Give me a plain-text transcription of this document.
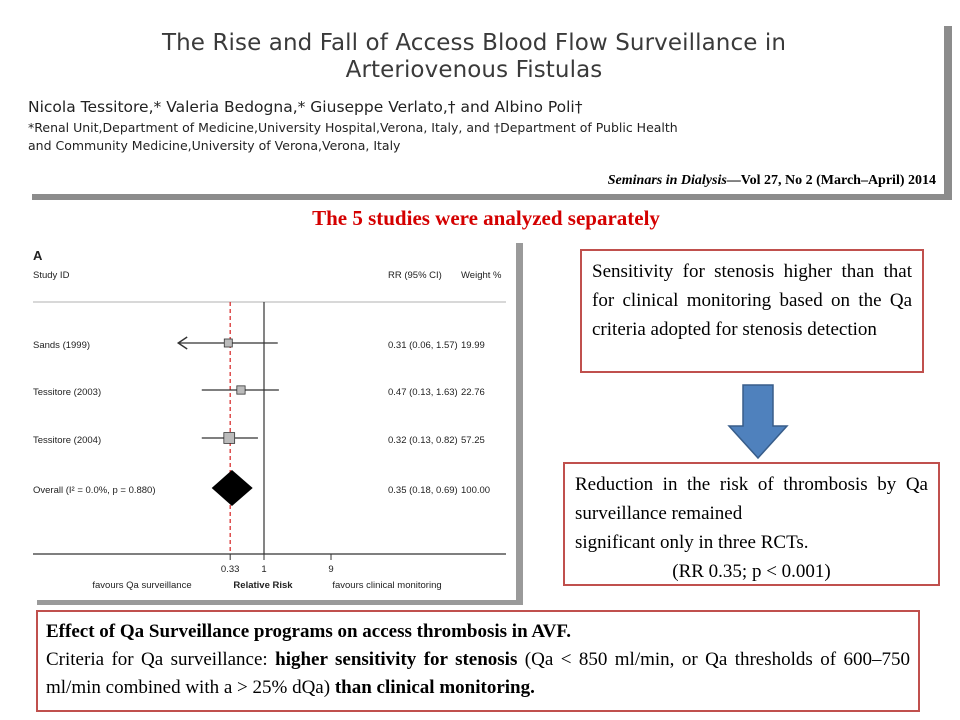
The Rise and Fall of Access Blood Flow Surveillance in
Arteriovenous Fistulas
Nicola Tessitore,* Valeria Bedogna,* Giuseppe Verlato,† and Albino Poli†
*Renal Unit,Department of Medicine,University Hospital,Verona, Italy, and †Department of Public Health
and Community Medicine,University of Verona,Verona, Italy
Seminars in Dialysis—Vol 27, No 2 (March–April) 2014
The 5 studies were analyzed separately
A
Study ID	RR (95% CI) Weight %
Sands (1999)	0.31 (0.06, 1.57) 19.99
Tessitore (2003)	0.47 (0.13, 1.63) 22.76
Tessitore (2004)	0.32 (0.13, 0.82) 57.25
Overall (I² = 0.0%, p = 0.880)	0.35 (0.18, 0.69) 100.00
0.33 1	9
favours Qa surveillance	Relative Risk	favours clinical monitoring
Sensitivity for stenosis higher than that for clinical monitoring based on the Qa criteria adopted for stenosis detection
Reduction in the risk of thrombosis by Qa surveillance remained
significant only in three RCTs.
(RR 0.35; p < 0.001)
Effect of Qa Surveillance programs on access thrombosis in AVF.
Criteria for Qa surveillance: higher sensitivity for stenosis (Qa < 850 ml/min, or Qa thresholds of 600–750 ml/min combined with a > 25% dQa) than clinical monitoring.
